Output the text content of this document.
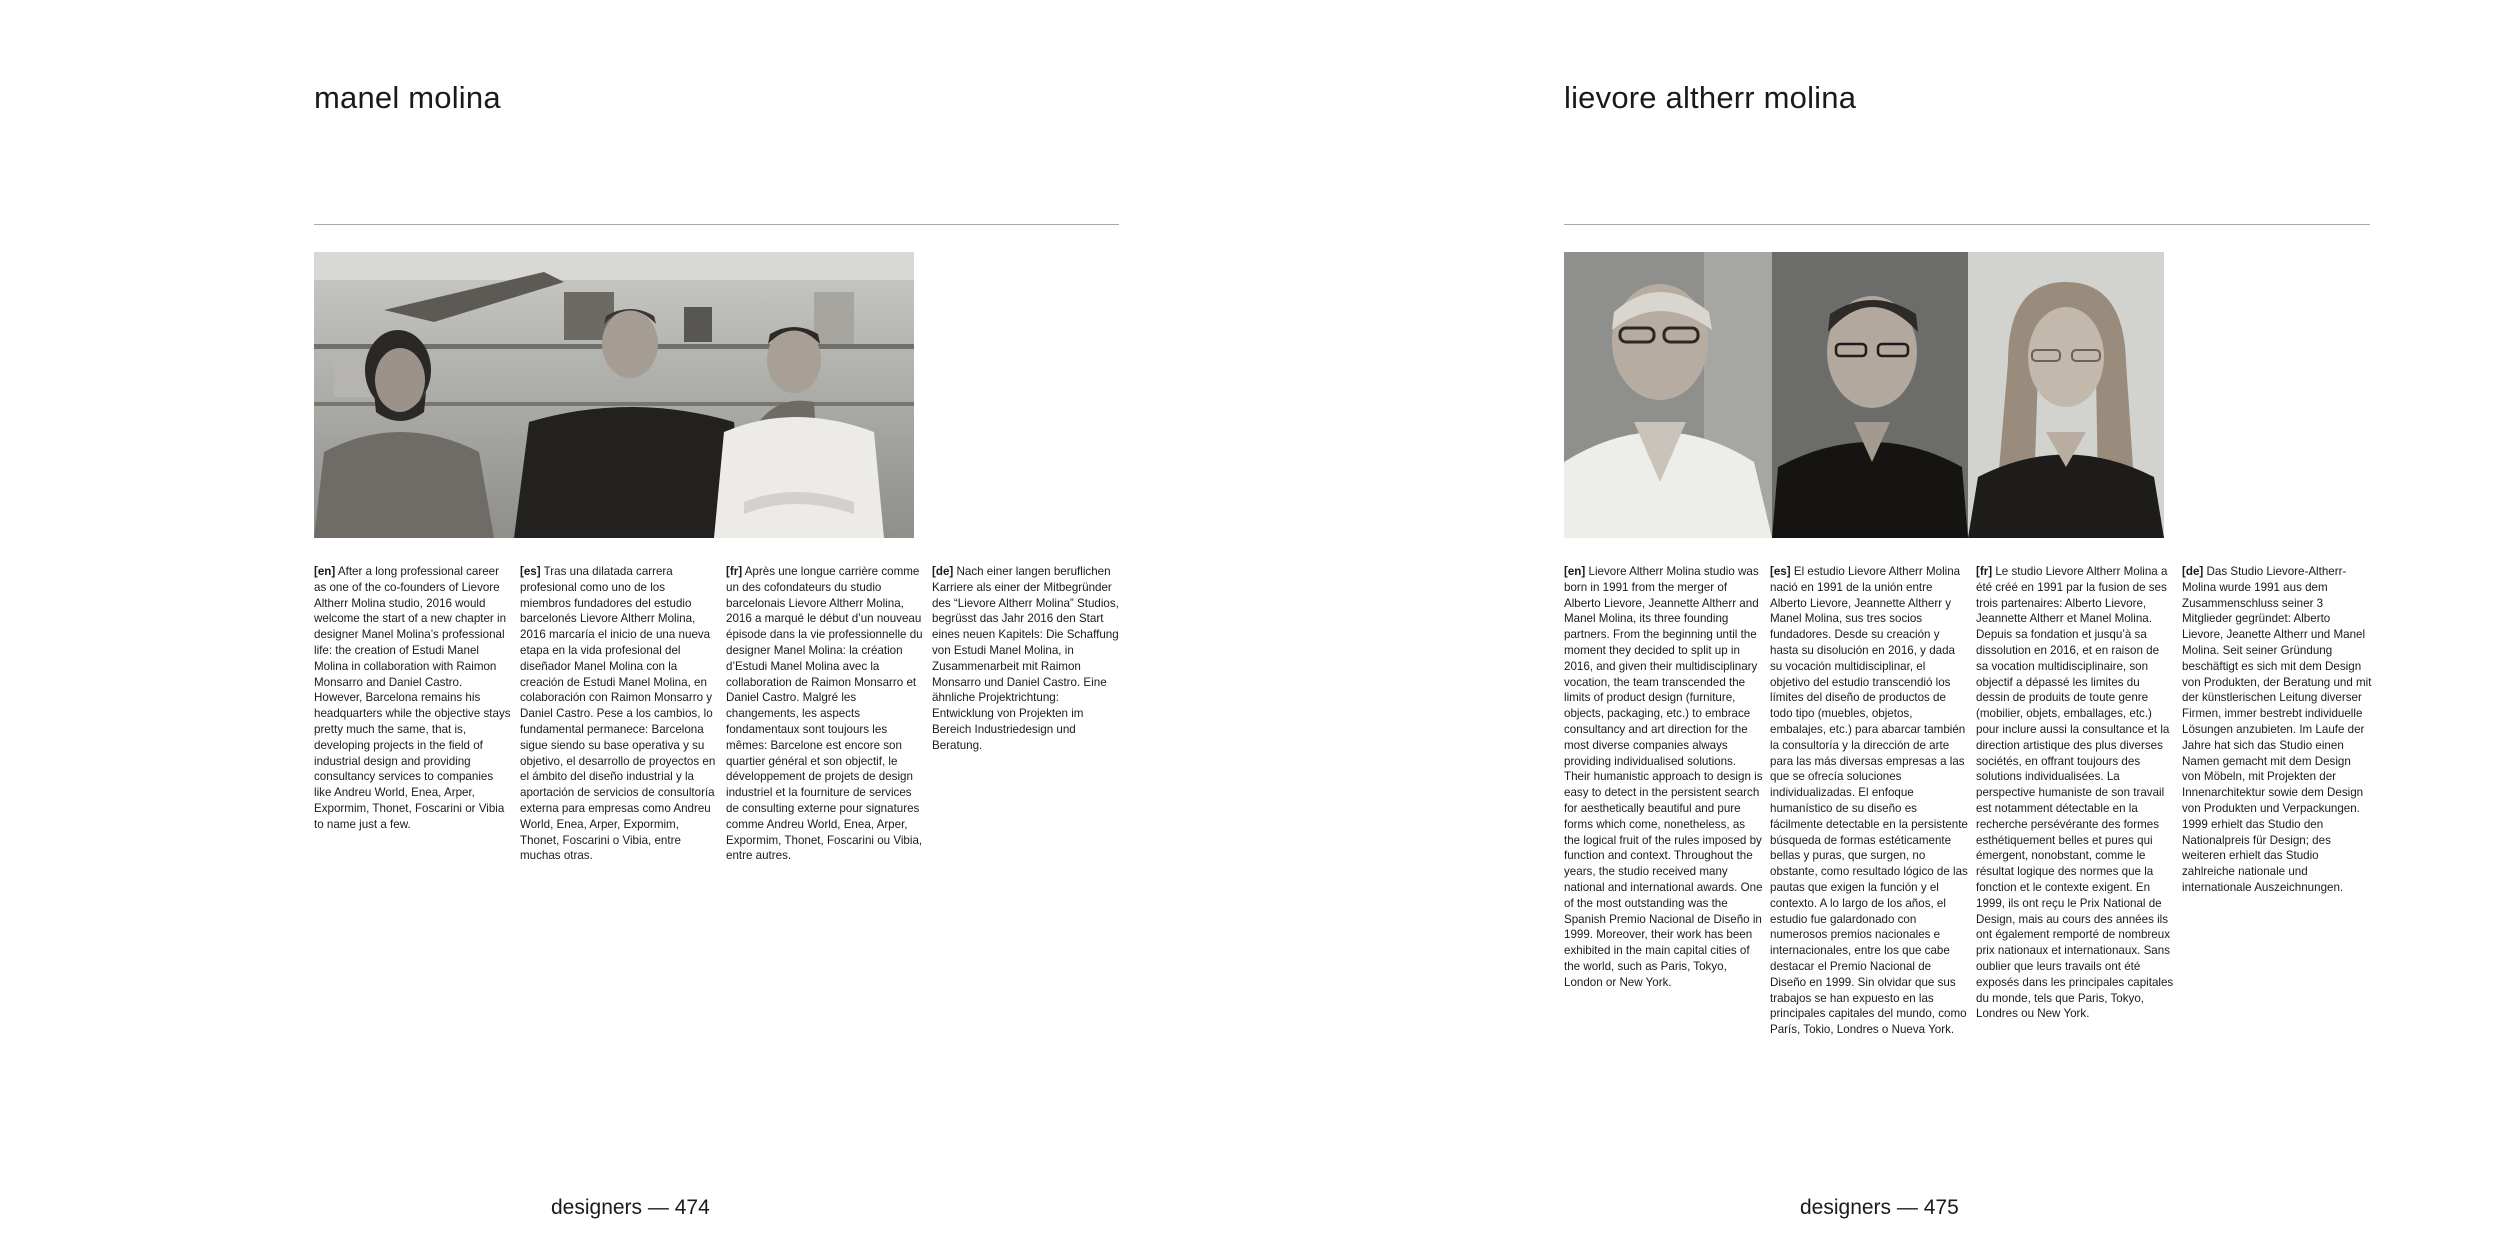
manel molina

[en] After a long professional career as one of the co-founders of Lievore Altherr Molina studio, 2016 would welcome the start of a new chapter in designer Manel Molina’s professional life: the creation of Estudi Manel Molina in collaboration with Raimon Monsarro and Daniel Castro. However, Barcelona remains his headquarters while the objective stays pretty much the same, that is, developing projects in the field of industrial design and providing consultancy services to companies like Andreu World, Enea, Arper, Expormim, Thonet, Foscarini or Vibia to name just a few.

[es] Tras una dilatada carrera profesional como uno de los miembros fundadores del estudio barcelonés Lievore Altherr Molina, 2016 marcaría el inicio de una nueva etapa en la vida profesional del diseñador Manel Molina con la creación de Estudi Manel Molina, en colaboración con Raimon Monsarro y Daniel Castro. Pese a los cambios, lo fundamental permanece: Barcelona sigue siendo su base operativa y su objetivo, el desarrollo de proyectos en el ámbito del diseño industrial y la aportación de servicios de consultoría externa para empresas como Andreu World, Enea, Arper, Expormim, Thonet, Foscarini o Vibia, entre muchas otras.

[fr] Après une longue carrière comme un des cofondateurs du studio barcelonais Lievore Altherr Molina, 2016 a marqué le début d’un nouveau épisode dans la vie professionnelle du designer Manel Molina: la création d’Estudi Manel Molina avec la collaboration de Raimon Monsarro et Daniel Castro. Malgré les changements, les aspects fondamentaux sont toujours les mêmes: Barcelone est encore son quartier général et son objectif, le développement de projets de design industriel et la fourniture de services de consulting externe pour signatures comme Andreu World, Enea, Arper, Expormim, Thonet, Foscarini ou Vibia, entre autres.

[de] Nach einer langen beruflichen Karriere als einer der Mitbegründer des “Lievore Altherr Molina” Studios, begrüsst das Jahr 2016 den Start eines neuen Kapitels: Die Schaffung von Estudi Manel Molina, in Zusammenarbeit mit Raimon Monsarro und Daniel Castro. Eine ähnliche Projektrichtung: Entwicklung von Projekten im Bereich Industriedesign und Beratung.

designers — 474
lievore altherr molina

[en] Lievore Altherr Molina studio was born in 1991 from the merger of Alberto Lievore, Jeannette Altherr and Manel Molina, its three founding partners. From the beginning until the moment they decided to split up in 2016, and given their multidisciplinary vocation, the team transcended the limits of product design (furniture, objects, packaging, etc.) to embrace consultancy and art direction for the most diverse companies always providing individualised solutions. Their humanistic approach to design is easy to detect in the persistent search for aesthetically beautiful and pure forms which come, nonetheless, as the logical fruit of the rules imposed by function and context. Throughout the years, the studio received many national and international awards. One of the most outstanding was the Spanish Premio Nacional de Diseño in 1999. Moreover, their work has been exhibited in the main capital cities of the world, such as Paris, Tokyo, London or New York.

[es] El estudio Lievore Altherr Molina nació en 1991 de la unión entre Alberto Lievore, Jeannette Altherr y Manel Molina, sus tres socios fundadores. Desde su creación y hasta su disolución en 2016, y dada su vocación multidisciplinar, el objetivo del estudio transcendió los límites del diseño de productos de todo tipo (muebles, objetos, embalajes, etc.) para abarcar también la consultoría y la dirección de arte para las más diversas empresas a las que se ofrecía soluciones individualizadas. El enfoque humanístico de su diseño es fácilmente detectable en la persistente búsqueda de formas estéticamente bellas y puras, que surgen, no obstante, como resultado lógico de las pautas que exigen la función y el contexto. A lo largo de los años, el estudio fue galardonado con numerosos premios nacionales e internacionales, entre los que cabe destacar el Premio Nacional de Diseño en 1999. Sin olvidar que sus trabajos se han expuesto en las principales capitales del mundo, como París, Tokio, Londres o Nueva York.

[fr] Le studio Lievore Altherr Molina a été créé en 1991 par la fusion de ses trois partenaires: Alberto Lievore, Jeannette Altherr et Manel Molina. Depuis sa fondation et jusqu’à sa dissolution en 2016, et en raison de sa vocation multidisciplinaire, son objectif a dépassé les limites du dessin de produits de toute genre (mobilier, objets, emballages, etc.) pour inclure aussi la consultance et la direction artistique des plus diverses sociétés, en offrant toujours des solutions individualisées. La perspective humaniste de son travail est notamment détectable en la recherche persévérante des formes esthétiquement belles et pures qui émergent, nonobstant, comme le résultat logique des normes que la fonction et le contexte exigent. En 1999, ils ont reçu le Prix National de Design, mais au cours des années ils ont également remporté de nombreux prix nationaux et internationaux. Sans oublier que leurs travails ont été exposés dans les principales capitales du monde, tels que Paris, Tokyo, Londres ou New York.

[de] Das Studio Lievore-Altherr-Molina wurde 1991 aus dem Zusammenschluss seiner 3 Mitglieder gegründet: Alberto Lievore, Jeanette Altherr und Manel Molina. Seit seiner Gründung beschäftigt es sich mit dem Design von Produkten, der Beratung und mit der künstlerischen Leitung diverser Firmen, immer bestrebt individuelle Lösungen anzubieten. Im Laufe der Jahre hat sich das Studio einen Namen gemacht mit dem Design von Möbeln, mit Projekten der Innenarchitektur sowie dem Design von Produkten und Verpackungen. 1999 erhielt das Studio den Nationalpreis für Design; des weiteren erhielt das Studio zahlreiche nationale und internationale Auszeichnungen.

designers — 475
